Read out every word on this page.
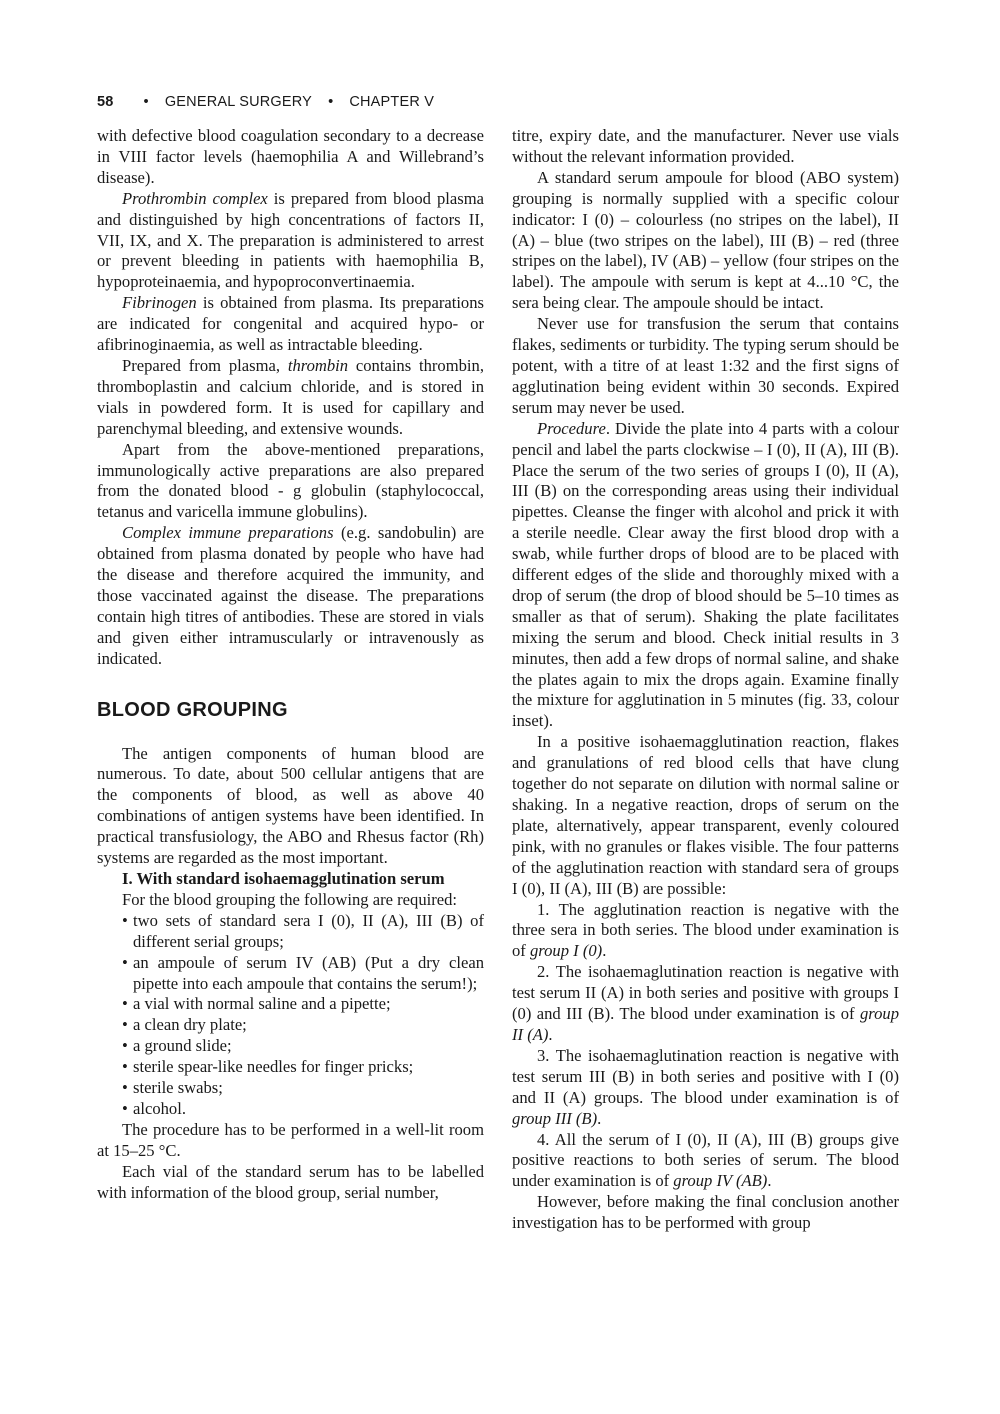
58 • GENERAL SURGERY • CHAPTER V

with defective blood coagulation secondary to a decrease in VIII factor levels (haemophilia A and Willebrand’s disease).

Prothrombin complex is prepared from blood plasma and distinguished by high concentrations of factors II, VII, IX, and X. The preparation is administered to arrest or prevent bleeding in patients with haemophilia B, hypoproteinaemia, and hypoproconvertinaemia.

Fibrinogen is obtained from plasma. Its preparations are indicated for congenital and acquired hypo- or afibrinoginaemia, as well as intractable bleeding.

Prepared from plasma, thrombin contains thrombin, thromboplastin and calcium chloride, and is stored in vials in powdered form. It is used for capillary and parenchymal bleeding, and extensive wounds.

Apart from the above-mentioned preparations, immunologically active preparations are also prepared from the donated blood - g globulin (staphylococcal, tetanus and varicella immune globulins).

Complex immune preparations (e.g. sandobulin) are obtained from plasma donated by people who have had the disease and therefore acquired the immunity, and those vaccinated against the disease. The preparations contain high titres of antibodies. These are stored in vials and given either intramuscularly or intravenously as indicated.

BLOOD GROUPING

The antigen components of human blood are numerous. To date, about 500 cellular antigens that are the components of blood, as well as above 40 combinations of antigen systems have been identified. In practical transfusiology, the ABO and Rhesus factor (Rh) systems are regarded as the most important.

I. With standard isohaemagglutination serum

For the blood grouping the following are required:

• two sets of standard sera I (0), II (A), III (B) of different serial groups;
• an ampoule of serum IV (AB) (Put a dry clean pipette into each ampoule that contains the serum!);
• a vial with normal saline and a pipette;
• a clean dry plate;
• a ground slide;
• sterile spear-like needles for finger pricks;
• sterile swabs;
• alcohol.

The procedure has to be performed in a well-lit room at 15–25 °C.

Each vial of the standard serum has to be labelled with information of the blood group, serial number,

titre, expiry date, and the manufacturer. Never use vials without the relevant information provided.

A standard serum ampoule for blood (ABO system) grouping is normally supplied with a specific colour indicator: I (0) – colourless (no stripes on the label), II (A) – blue (two stripes on the label), III (B) – red (three stripes on the label), IV (AB) – yellow (four stripes on the label). The ampoule with serum is kept at 4...10 °C, the sera being clear. The ampoule should be intact.

Never use for transfusion the serum that contains flakes, sediments or turbidity. The typing serum should be potent, with a titre of at least 1:32 and the first signs of agglutination being evident within 30 seconds. Expired serum may never be used.

Procedure. Divide the plate into 4 parts with a colour pencil and label the parts clockwise – I (0), II (A), III (B). Place the serum of the two series of groups I (0), II (A), III (B) on the corresponding areas using their individual pipettes. Cleanse the finger with alcohol and prick it with a sterile needle. Clear away the first blood drop with a swab, while further drops of blood are to be placed with different edges of the slide and thoroughly mixed with a drop of serum (the drop of blood should be 5–10 times as smaller as that of serum). Shaking the plate facilitates mixing the serum and blood. Check initial results in 3 minutes, then add a few drops of normal saline, and shake the plates again to mix the drops again. Examine finally the mixture for agglutination in 5 minutes (fig. 33, colour inset).

In a positive isohaemagglutination reaction, flakes and granulations of red blood cells that have clung together do not separate on dilution with normal saline or shaking. In a negative reaction, drops of serum on the plate, alternatively, appear transparent, evenly coloured pink, with no granules or flakes visible. The four patterns of the agglutination reaction with standard sera of groups I (0), II (A), III (B) are possible:

1. The agglutination reaction is negative with the three sera in both series. The blood under examination is of group I (0).

2. The isohaemaglutination reaction is negative with test serum II (A) in both series and positive with groups I (0) and III (B). The blood under examination is of group II (A).

3. The isohaemaglutination reaction is negative with test serum III (B) in both series and positive with I (0) and II (A) groups. The blood under examination is of group III (B).

4. All the serum of I (0), II (A), III (B) groups give positive reactions to both series of serum. The blood under examination is of group IV (AB).

However, before making the final conclusion another investigation has to be performed with group
